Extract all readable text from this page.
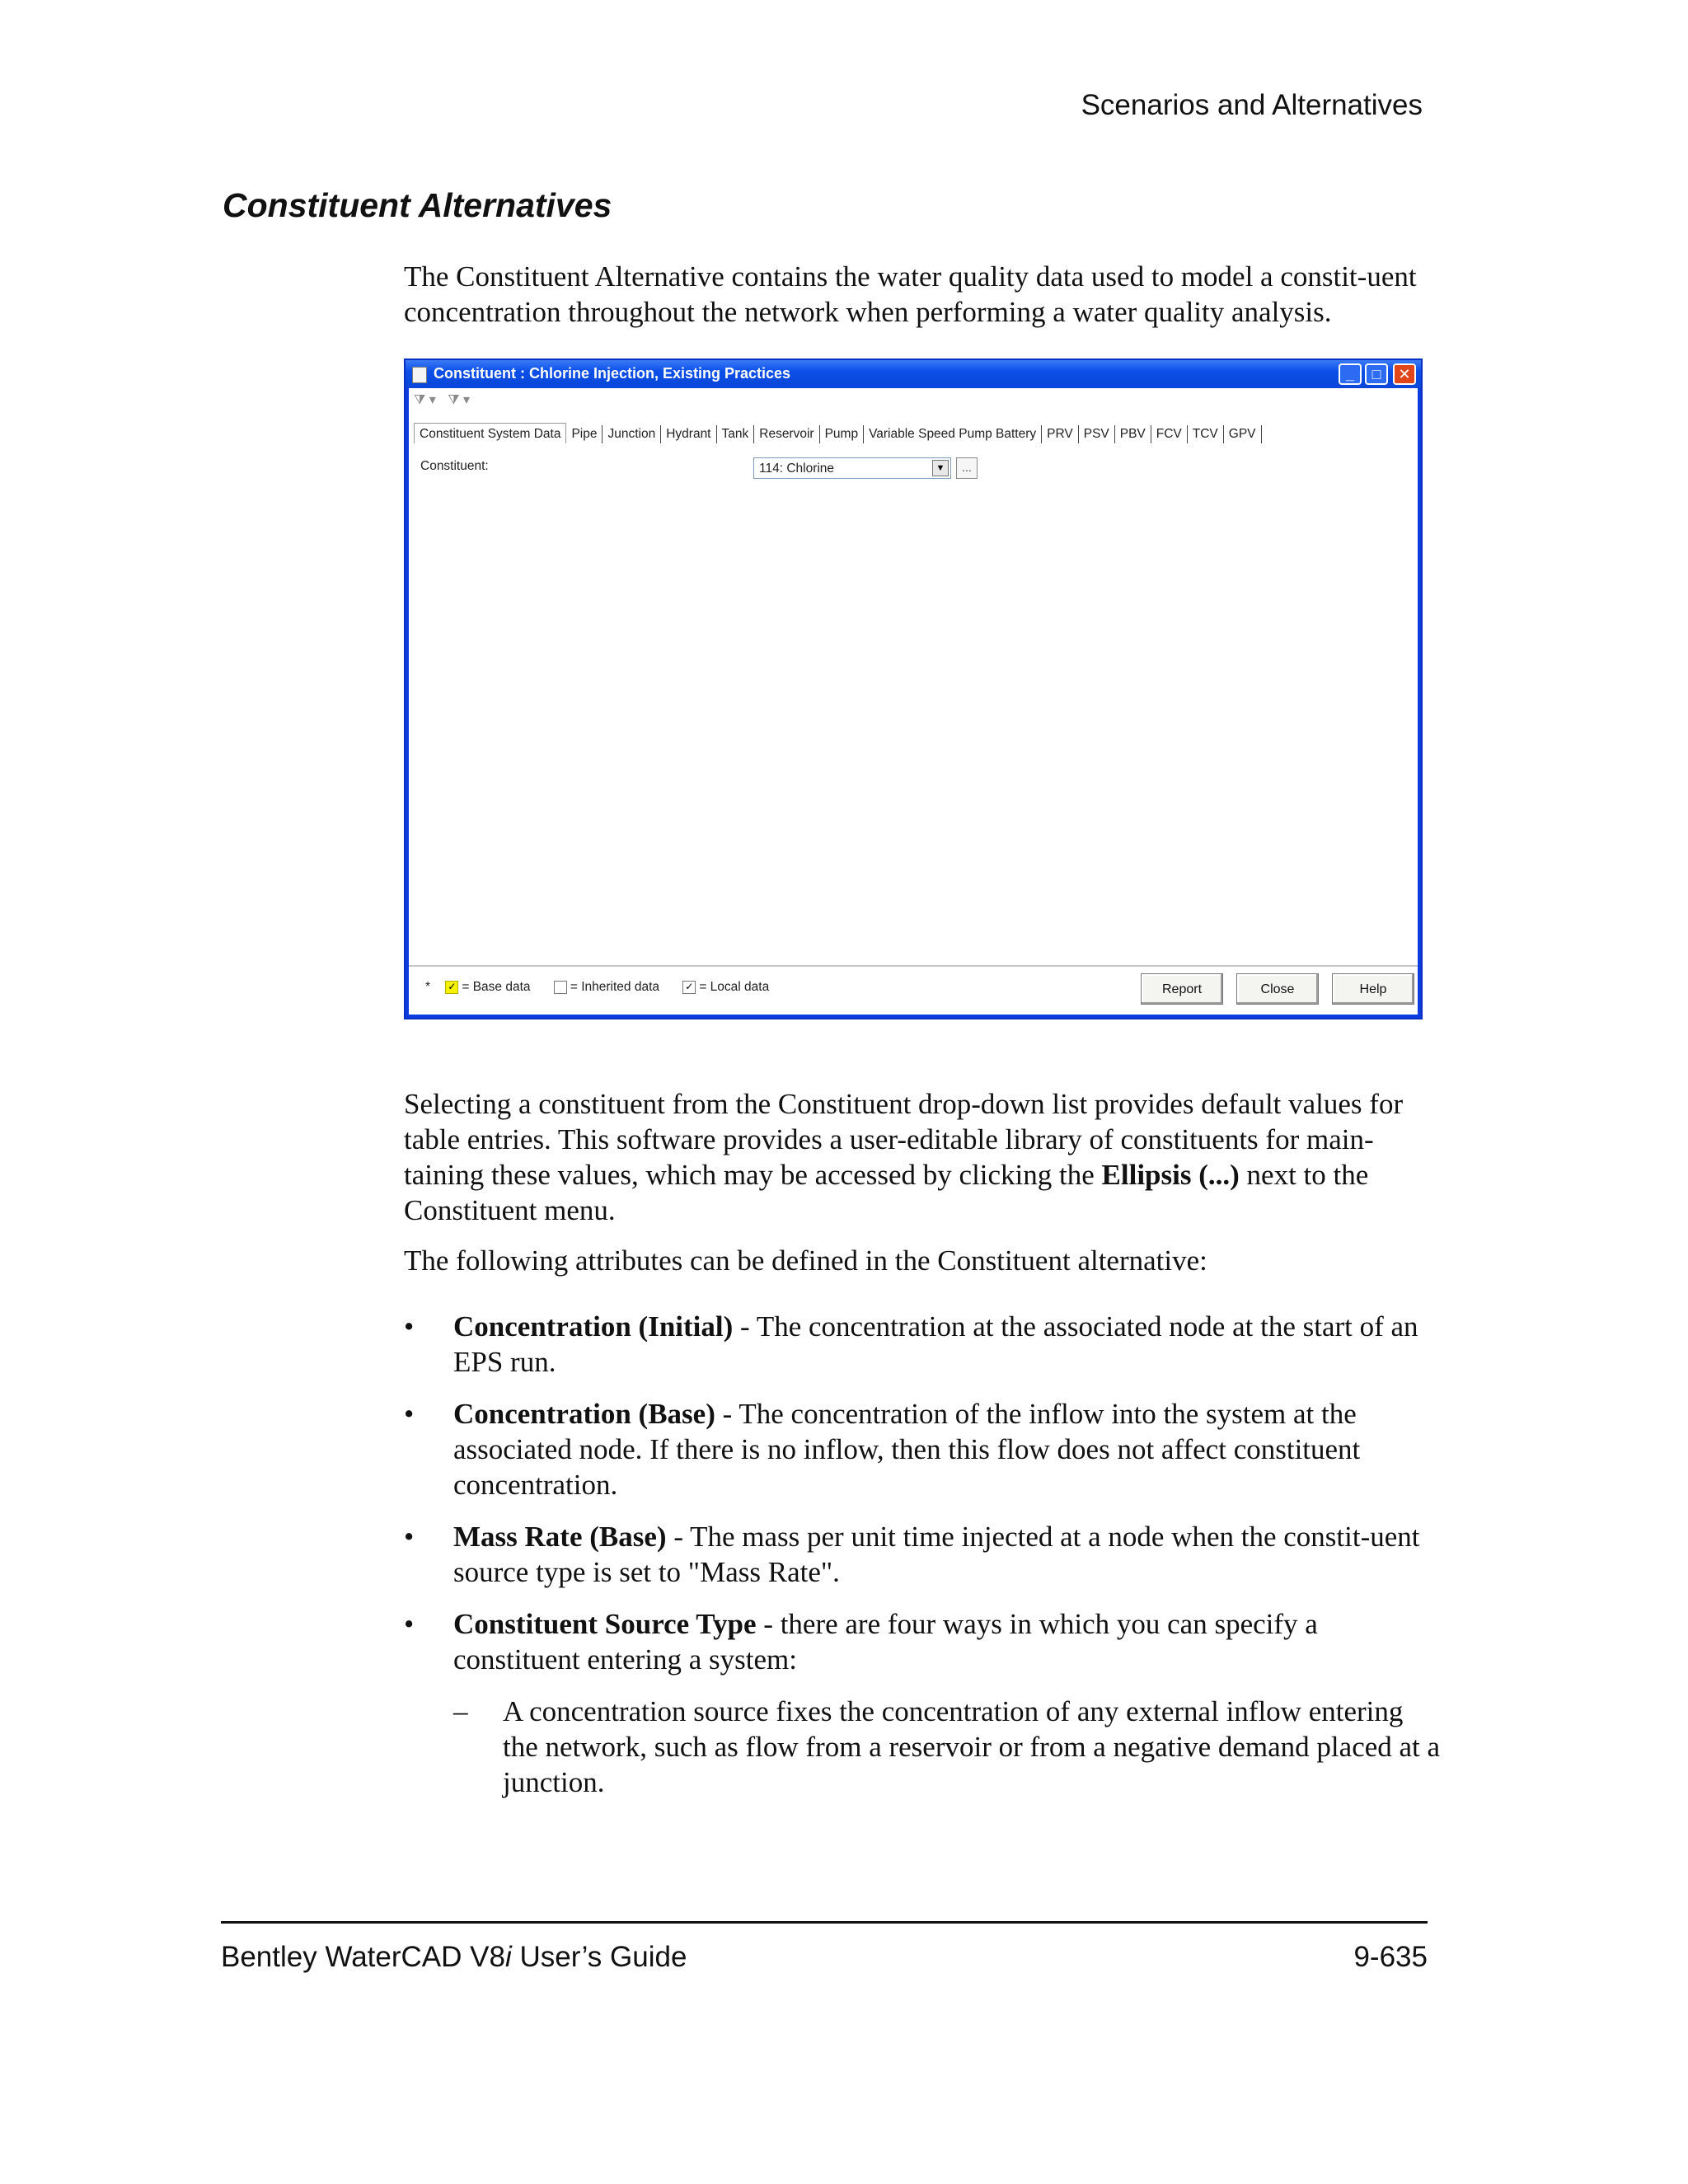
Scenarios and Alternatives
Constituent Alternatives

The Constituent Alternative contains the water quality data used to model a constit-uent concentration throughout the network when performing a water quality analysis.

Constituent : Chlorine Injection, Existing Practices	_	□	✕
⧩ ▾ ⧩ ▾
Constituent System Data Pipe Junction Hydrant Tank Reservoir Pump Variable Speed Pump Battery PRV PSV PBV FCV TCV GPV
Constituent:	114: Chlorine	▼	...
* ✓ = Base data	= Inherited data	✓ = Local data	Report	Close	Help

Selecting a constituent from the Constituent drop-down list provides default values for table entries. This software provides a user-editable library of constituents for main-taining these values, which may be accessed by clicking the Ellipsis (...) next to the Constituent menu.

The following attributes can be defined in the Constituent alternative:

• Concentration (Initial) - The concentration at the associated node at the start of an EPS run.
• Concentration (Base) - The concentration of the inflow into the system at the associated node. If there is no inflow, then this flow does not affect constituent concentration.
• Mass Rate (Base) - The mass per unit time injected at a node when the constit-uent source type is set to "Mass Rate".
• Constituent Source Type - there are four ways in which you can specify a constituent entering a system:
– A concentration source fixes the concentration of any external inflow entering the network, such as flow from a reservoir or from a negative demand placed at a junction.
Bentley WaterCAD V8i User’s Guide	9-635
